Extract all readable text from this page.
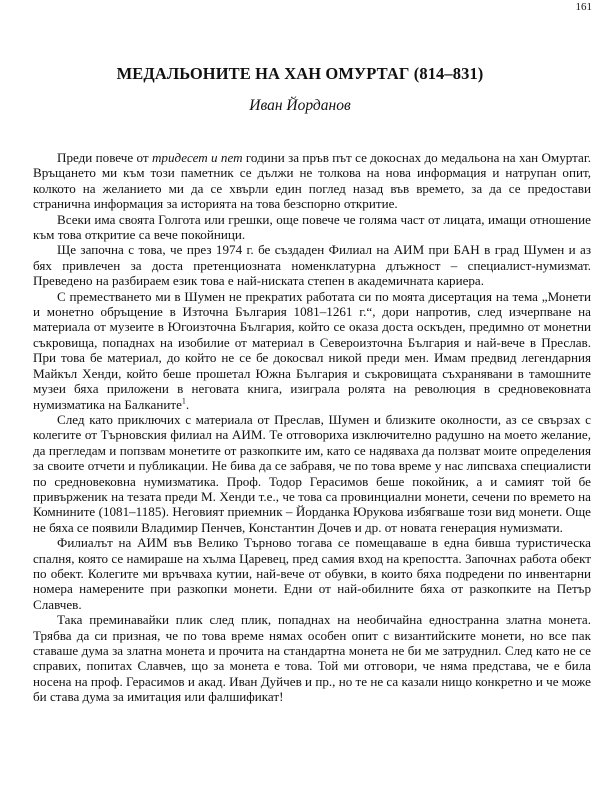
161
МЕДАЛЬОНИТЕ НА ХАН ОМУРТАГ (814–831)
Иван Йорданов

Преди повече от тридесет и пет години за пръв път се докоснах до медальона на хан Омуртаг. Връщането ми към този паметник се дължи не толкова на нова информация и натрупан опит, колкото на желанието ми да се хвърли един поглед назад във времето, за да се предостави странична информация за историята на това безспорно откритие.

Всеки има своята Голгота или грешки, още повече че голяма част от лицата, имащи отношение към това откритие са вече покойници.

Ще започна с това, че през 1974 г. бе създаден Филиал на АИМ при БАН в град Шумен и аз бях привлечен за доста претенциозната номенклатурна длъжност – специалист-нумизмат. Преведено на разбираем език това е най-ниската степен в академичната кариера.

С преместването ми в Шумен не прекратих работата си по моята дисертация на тема „Монети и монетно обръщение в Източна България 1081–1261 г.“, дори напротив, след изчерпване на материала от музеите в Югоизточна България, който се оказа доста оскъден, предимно от монетни съкровища, попаднах на изобилие от материал в Североизточна България и най-вече в Преслав. При това бе материал, до който не се бе докосвал никой преди мен. Имам предвид легендарния Майкъл Хенди, който беше прошетал Южна България и съкровищата съхранявани в тамошните музеи бяха приложени в неговата книга, изиграла ролята на революция в средновековната нумизматика на Балканите$^1$.

След като приключих с материала от Преслав, Шумен и близките околности, аз се свързах с колегите от Търновския филиал на АИМ. Те отговориха изключително радушно на моето желание, да прегледам и попзвам монетите от разкопките им, като се надяваха да ползват моите определения за своите отчети и публикации. Не бива да се забравя, че по това време у нас липсваха специалисти по средновековна нумизматика. Проф. Тодор Герасимов беше покойник, а и самият той бе привърженик на тезата преди М. Хенди т.е., че това са провинциални монети, сечени по времето на Комнините (1081–1185). Неговият приемник – Йорданка Юрукова избягваше този вид монети. Още не бяха се появили Владимир Пенчев, Константин Дочев и др. от новата генерация нумизмати.

Филиалът на АИМ във Велико Търново тогава се помещаваше в една бивша туристическа спалня, която се намираше на хълма Царевец, пред самия вход на крепостта. Започнах работа обект по обект. Колегите ми връчваха кутии, най-вече от обувки, в които бяха подредени по инвентарни номера намерените при разкопки монети. Едни от най-обилните бяха от разкопките на Петър Славчев.

Така преминавайки плик след плик, попаднах на необичайна едностранна златна монета. Трябва да си призная, че по това време нямах особен опит с византийските монети, но все пак ставаше дума за златна монета и прочита на стандартна монета не би ме затруднил. След като не се справих, попитах Славчев, що за монета е това. Той ми отговори, че няма представа, че е била носена на проф. Герасимов и акад. Иван Дуйчев и пр., но те не са казали нищо конкретно и че може би става дума за имитация или фалшификат!
